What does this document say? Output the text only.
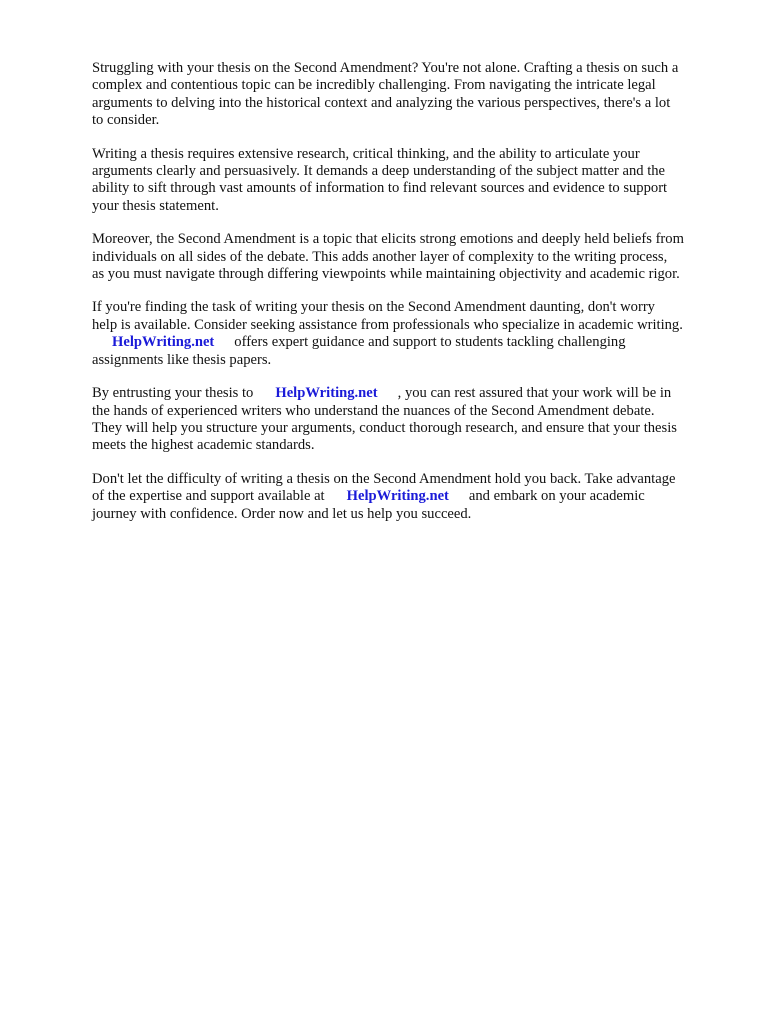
Struggling with your thesis on the Second Amendment? You're not alone. Crafting a thesis on such a
complex and contentious topic can be incredibly challenging. From navigating the intricate legal
arguments to delving into the historical context and analyzing the various perspectives, there's a lot
to consider.

Writing a thesis requires extensive research, critical thinking, and the ability to articulate your
arguments clearly and persuasively. It demands a deep understanding of the subject matter and the
ability to sift through vast amounts of information to find relevant sources and evidence to support
your thesis statement.

Moreover, the Second Amendment is a topic that elicits strong emotions and deeply held beliefs from
individuals on all sides of the debate. This adds another layer of complexity to the writing process,
as you must navigate through differing viewpoints while maintaining objectivity and academic rigor.

If you're finding the task of writing your thesis on the Second Amendment daunting, don't worry
help is available. Consider seeking assistance from professionals who specialize in academic writing.
HelpWriting.net offers expert guidance and support to students tackling challenging
assignments like thesis papers.

By entrusting your thesis to HelpWriting.net , you can rest assured that your work will be in
the hands of experienced writers who understand the nuances of the Second Amendment debate.
They will help you structure your arguments, conduct thorough research, and ensure that your thesis
meets the highest academic standards.

Don't let the difficulty of writing a thesis on the Second Amendment hold you back. Take advantage
of the expertise and support available at HelpWriting.net and embark on your academic
journey with confidence. Order now and let us help you succeed.
